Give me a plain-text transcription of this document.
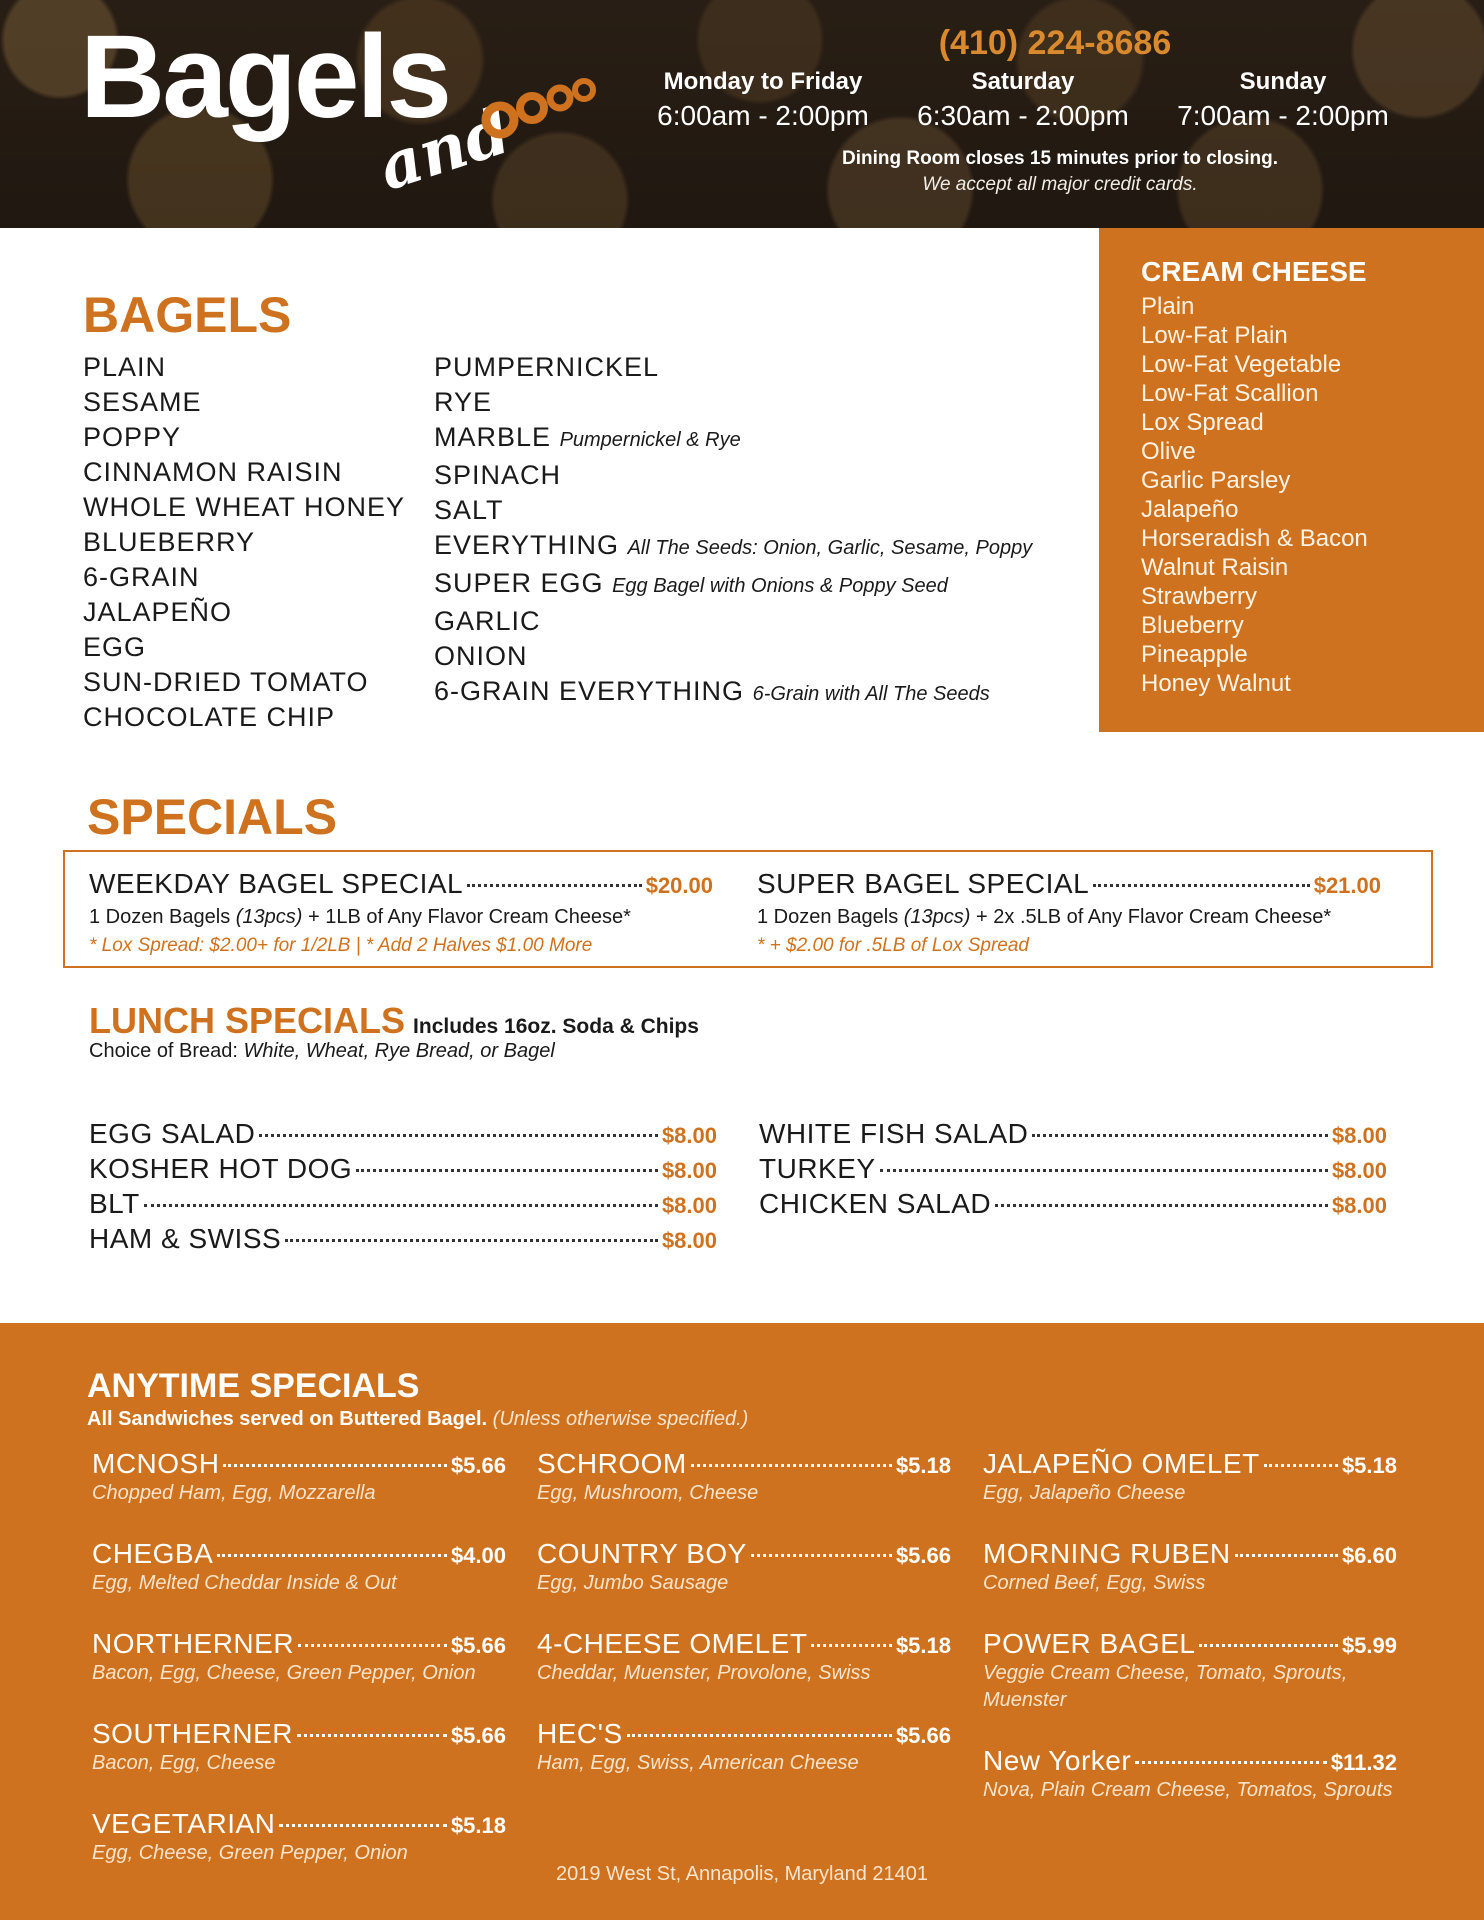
Bagels
and
(410) 224-8686
Monday to Friday
6:00am - 2:00pm
Saturday
6:30am - 2:00pm
Sunday
7:00am - 2:00pm
Dining Room closes 15 minutes prior to closing.
We accept all major credit cards.
CREAM CHEESE
Plain
Low-Fat Plain
Low-Fat Vegetable
Low-Fat Scallion
Lox Spread
Olive
Garlic Parsley
Jalapeño
Horseradish & Bacon
Walnut Raisin
Strawberry
Blueberry
Pineapple
Honey Walnut
BAGELS
PLAIN
SESAME
POPPY
CINNAMON RAISIN
WHOLE WHEAT HONEY
BLUEBERRY
6-GRAIN
JALAPEÑO
EGG
SUN-DRIED TOMATO
CHOCOLATE CHIP
PUMPERNICKEL
RYE
MARBLE Pumpernickel & Rye
SPINACH
SALT
EVERYTHING All The Seeds: Onion, Garlic, Sesame, Poppy
SUPER EGG Egg Bagel with Onions & Poppy Seed
GARLIC
ONION
6-GRAIN EVERYTHING 6-Grain with All The Seeds
SPECIALS
WEEKDAY BAGEL SPECIAL	$20.00
1 Dozen Bagels (13pcs) + 1LB of Any Flavor Cream Cheese*
* Lox Spread: $2.00+ for 1/2LB | * Add 2 Halves $1.00 More
SUPER BAGEL SPECIAL	$21.00
1 Dozen Bagels (13pcs) + 2x .5LB of Any Flavor Cream Cheese*
* + $2.00 for .5LB of Lox Spread
LUNCH SPECIALS Includes 16oz. Soda & Chips
Choice of Bread: White, Wheat, Rye Bread, or Bagel
EGG SALAD	$8.00
KOSHER HOT DOG	$8.00
BLT	$8.00
HAM & SWISS	$8.00
WHITE FISH SALAD	$8.00
TURKEY	$8.00
CHICKEN SALAD	$8.00
ANYTIME SPECIALS
All Sandwiches served on Buttered Bagel. (Unless otherwise specified.)
MCNOSH	$5.66
Chopped Ham, Egg, Mozzarella
CHEGBA	$4.00
Egg, Melted Cheddar Inside & Out
NORTHERNER	$5.66
Bacon, Egg, Cheese, Green Pepper, Onion
SOUTHERNER	$5.66
Bacon, Egg, Cheese
VEGETARIAN	$5.18
Egg, Cheese, Green Pepper, Onion
SCHROOM	$5.18
Egg, Mushroom, Cheese
COUNTRY BOY	$5.66
Egg, Jumbo Sausage
4-CHEESE OMELET	$5.18
Cheddar, Muenster, Provolone, Swiss
HEC'S	$5.66
Ham, Egg, Swiss, American Cheese
JALAPEÑO OMELET	$5.18
Egg, Jalapeño Cheese
MORNING RUBEN	$6.60
Corned Beef, Egg, Swiss
POWER BAGEL	$5.99
Veggie Cream Cheese, Tomato, Sprouts, Muenster
New Yorker	$11.32
Nova, Plain Cream Cheese, Tomatos, Sprouts
2019 West St, Annapolis, Maryland 21401
